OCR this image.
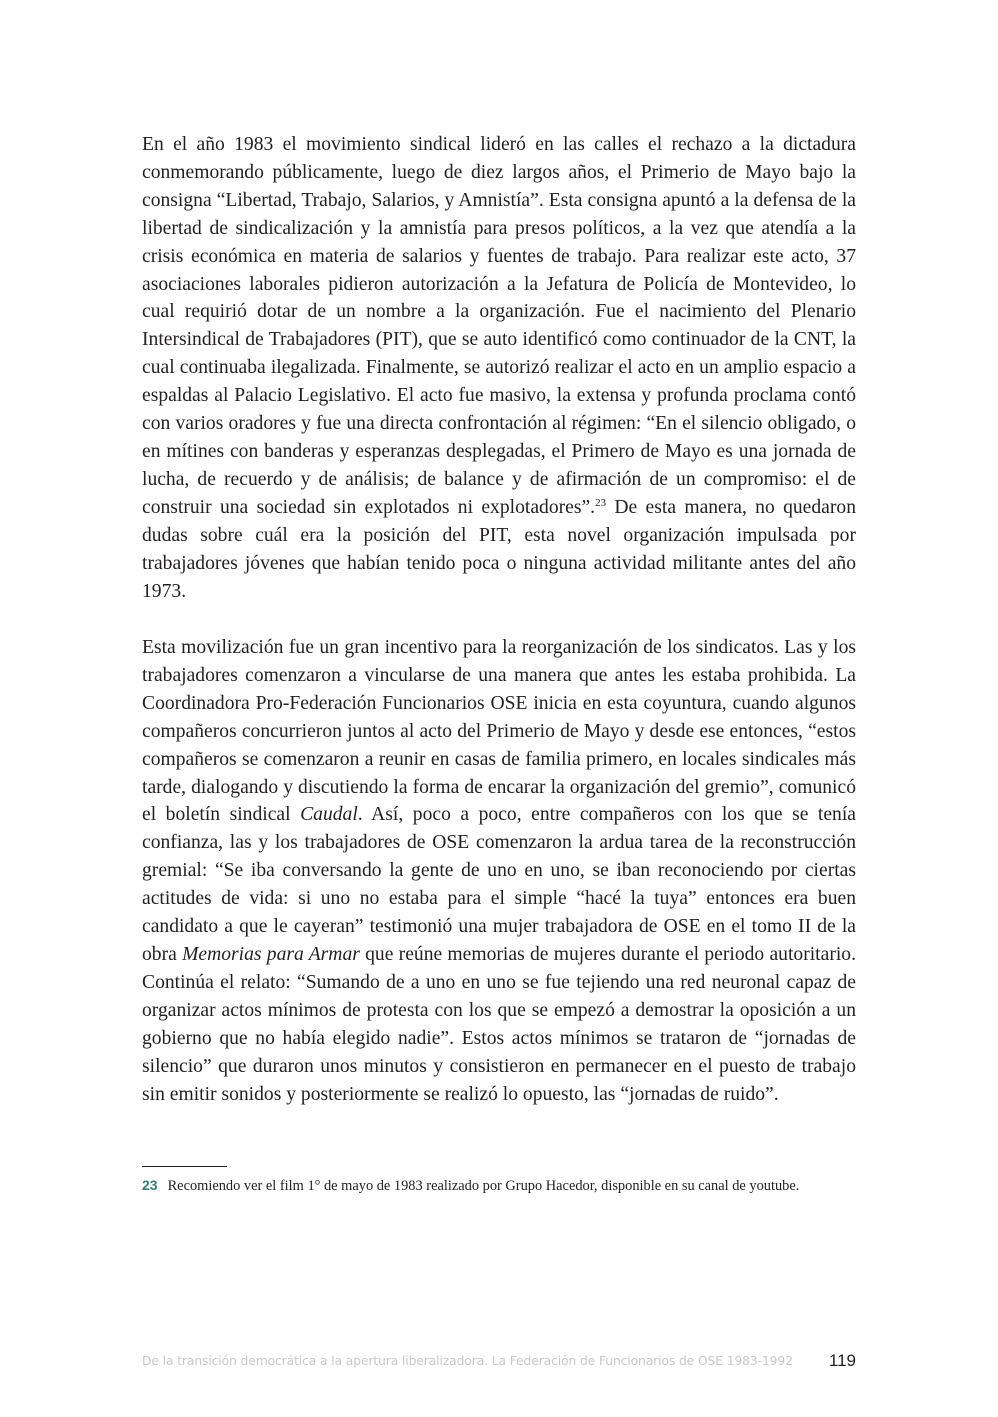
En el año 1983 el movimiento sindical lideró en las calles el rechazo a la dictadura conmemorando públicamente, luego de diez largos años, el Primerio de Mayo bajo la consigna “Libertad, Trabajo, Salarios, y Amnistía”. Esta consigna apuntó a la defensa de la libertad de sindicalización y la amnistía para presos políticos, a la vez que atendía a la crisis económica en materia de salarios y fuentes de trabajo. Para realizar este acto, 37 asociaciones laborales pidieron autorización a la Jefatura de Policía de Montevideo, lo cual requirió dotar de un nombre a la organización. Fue el nacimiento del Plenario Intersindical de Trabajadores (PIT), que se auto identificó como continuador de la CNT, la cual continuaba ilegalizada. Finalmente, se autorizó realizar el acto en un amplio espacio a espaldas al Palacio Legislativo. El acto fue masivo, la extensa y profunda proclama contó con varios oradores y fue una directa confrontación al régimen: “En el silencio obligado, o en mítines con banderas y esperanzas desplegadas, el Primero de Mayo es una jornada de lucha, de recuerdo y de análisis; de balance y de afirmación de un compromiso: el de construir una sociedad sin explotados ni explotadores”.$^{23}$ De esta manera, no quedaron dudas sobre cuál era la posición del PIT, esta novel organización impulsada por trabajadores jóvenes que habían tenido poca o ninguna actividad militante antes del año 1973.

Esta movilización fue un gran incentivo para la reorganización de los sindicatos. Las y los trabajadores comenzaron a vincularse de una manera que antes les estaba prohibida. La Coordinadora Pro-Federación Funcionarios OSE inicia en esta coyuntura, cuando algunos compañeros concurrieron juntos al acto del Primerio de Mayo y desde ese entonces, “estos compañeros se comenzaron a reunir en casas de familia primero, en locales sindicales más tarde, dialogando y discutiendo la forma de encarar la organización del gremio”, comunicó el boletín sindical Caudal. Así, poco a poco, entre compañeros con los que se tenía confianza, las y los trabajadores de OSE comenzaron la ardua tarea de la reconstrucción gremial: “Se iba conversando la gente de uno en uno, se iban reconociendo por ciertas actitudes de vida: si uno no estaba para el simple “hacé la tuya” entonces era buen candidato a que le cayeran” testimonió una mujer trabajadora de OSE en el tomo II de la obra Memorias para Armar que reúne memorias de mujeres durante el periodo autoritario. Continúa el relato: “Sumando de a uno en uno se fue tejiendo una red neuronal capaz de organizar actos mínimos de protesta con los que se empezó a demostrar la oposición a un gobierno que no había elegido nadie”. Estos actos mínimos se trataron de “jornadas de silencio” que duraron unos minutos y consistieron en permanecer en el puesto de trabajo sin emitir sonidos y posteriormente se realizó lo opuesto, las “jornadas de ruido”.

23 Recomiendo ver el film 1° de mayo de 1983 realizado por Grupo Hacedor, disponible en su canal de youtube.

De la transición democrática a la apertura liberalizadora. La Federación de Funcionarios de OSE 1983-1992	119
